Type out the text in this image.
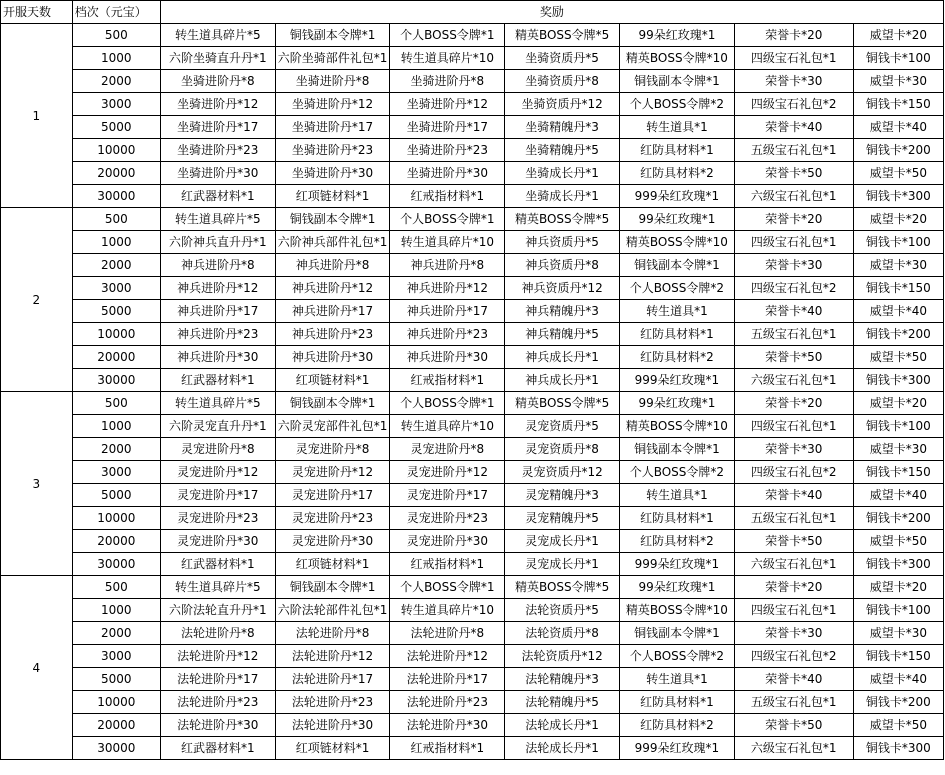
开服天数	档次（元宝）	奖励						
1	500	转生道具碎片*5	铜钱副本令牌*1	个人BOSS令牌*1	精英BOSS令牌*5	99朵红玫瑰*1	荣誉卡*20	威望卡*20
	1000	六阶坐骑直升丹*1	六阶坐骑部件礼包*1	转生道具碎片*10	坐骑资质丹*5	精英BOSS令牌*10	四级宝石礼包*1	铜钱卡*100
	2000	坐骑进阶丹*8	坐骑进阶丹*8	坐骑进阶丹*8	坐骑资质丹*8	铜钱副本令牌*1	荣誉卡*30	威望卡*30
	3000	坐骑进阶丹*12	坐骑进阶丹*12	坐骑进阶丹*12	坐骑资质丹*12	个人BOSS令牌*2	四级宝石礼包*2	铜钱卡*150
	5000	坐骑进阶丹*17	坐骑进阶丹*17	坐骑进阶丹*17	坐骑精魄丹*3	转生道具*1	荣誉卡*40	威望卡*40
	10000	坐骑进阶丹*23	坐骑进阶丹*23	坐骑进阶丹*23	坐骑精魄丹*5	红防具材料*1	五级宝石礼包*1	铜钱卡*200
	20000	坐骑进阶丹*30	坐骑进阶丹*30	坐骑进阶丹*30	坐骑成长丹*1	红防具材料*2	荣誉卡*50	威望卡*50
	30000	红武器材料*1	红项链材料*1	红戒指材料*1	坐骑成长丹*1	999朵红玫瑰*1	六级宝石礼包*1	铜钱卡*300
2	500	转生道具碎片*5	铜钱副本令牌*1	个人BOSS令牌*1	精英BOSS令牌*5	99朵红玫瑰*1	荣誉卡*20	威望卡*20
	1000	六阶神兵直升丹*1	六阶神兵部件礼包*1	转生道具碎片*10	神兵资质丹*5	精英BOSS令牌*10	四级宝石礼包*1	铜钱卡*100
	2000	神兵进阶丹*8	神兵进阶丹*8	神兵进阶丹*8	神兵资质丹*8	铜钱副本令牌*1	荣誉卡*30	威望卡*30
	3000	神兵进阶丹*12	神兵进阶丹*12	神兵进阶丹*12	神兵资质丹*12	个人BOSS令牌*2	四级宝石礼包*2	铜钱卡*150
	5000	神兵进阶丹*17	神兵进阶丹*17	神兵进阶丹*17	神兵精魄丹*3	转生道具*1	荣誉卡*40	威望卡*40
	10000	神兵进阶丹*23	神兵进阶丹*23	神兵进阶丹*23	神兵精魄丹*5	红防具材料*1	五级宝石礼包*1	铜钱卡*200
	20000	神兵进阶丹*30	神兵进阶丹*30	神兵进阶丹*30	神兵成长丹*1	红防具材料*2	荣誉卡*50	威望卡*50
	30000	红武器材料*1	红项链材料*1	红戒指材料*1	神兵成长丹*1	999朵红玫瑰*1	六级宝石礼包*1	铜钱卡*300
3	500	转生道具碎片*5	铜钱副本令牌*1	个人BOSS令牌*1	精英BOSS令牌*5	99朵红玫瑰*1	荣誉卡*20	威望卡*20
	1000	六阶灵宠直升丹*1	六阶灵宠部件礼包*1	转生道具碎片*10	灵宠资质丹*5	精英BOSS令牌*10	四级宝石礼包*1	铜钱卡*100
	2000	灵宠进阶丹*8	灵宠进阶丹*8	灵宠进阶丹*8	灵宠资质丹*8	铜钱副本令牌*1	荣誉卡*30	威望卡*30
	3000	灵宠进阶丹*12	灵宠进阶丹*12	灵宠进阶丹*12	灵宠资质丹*12	个人BOSS令牌*2	四级宝石礼包*2	铜钱卡*150
	5000	灵宠进阶丹*17	灵宠进阶丹*17	灵宠进阶丹*17	灵宠精魄丹*3	转生道具*1	荣誉卡*40	威望卡*40
	10000	灵宠进阶丹*23	灵宠进阶丹*23	灵宠进阶丹*23	灵宠精魄丹*5	红防具材料*1	五级宝石礼包*1	铜钱卡*200
	20000	灵宠进阶丹*30	灵宠进阶丹*30	灵宠进阶丹*30	灵宠成长丹*1	红防具材料*2	荣誉卡*50	威望卡*50
	30000	红武器材料*1	红项链材料*1	红戒指材料*1	灵宠成长丹*1	999朵红玫瑰*1	六级宝石礼包*1	铜钱卡*300
4	500	转生道具碎片*5	铜钱副本令牌*1	个人BOSS令牌*1	精英BOSS令牌*5	99朵红玫瑰*1	荣誉卡*20	威望卡*20
	1000	六阶法轮直升丹*1	六阶法轮部件礼包*1	转生道具碎片*10	法轮资质丹*5	精英BOSS令牌*10	四级宝石礼包*1	铜钱卡*100
	2000	法轮进阶丹*8	法轮进阶丹*8	法轮进阶丹*8	法轮资质丹*8	铜钱副本令牌*1	荣誉卡*30	威望卡*30
	3000	法轮进阶丹*12	法轮进阶丹*12	法轮进阶丹*12	法轮资质丹*12	个人BOSS令牌*2	四级宝石礼包*2	铜钱卡*150
	5000	法轮进阶丹*17	法轮进阶丹*17	法轮进阶丹*17	法轮精魄丹*3	转生道具*1	荣誉卡*40	威望卡*40
	10000	法轮进阶丹*23	法轮进阶丹*23	法轮进阶丹*23	法轮精魄丹*5	红防具材料*1	五级宝石礼包*1	铜钱卡*200
	20000	法轮进阶丹*30	法轮进阶丹*30	法轮进阶丹*30	法轮成长丹*1	红防具材料*2	荣誉卡*50	威望卡*50
	30000	红武器材料*1	红项链材料*1	红戒指材料*1	法轮成长丹*1	999朵红玫瑰*1	六级宝石礼包*1	铜钱卡*300
